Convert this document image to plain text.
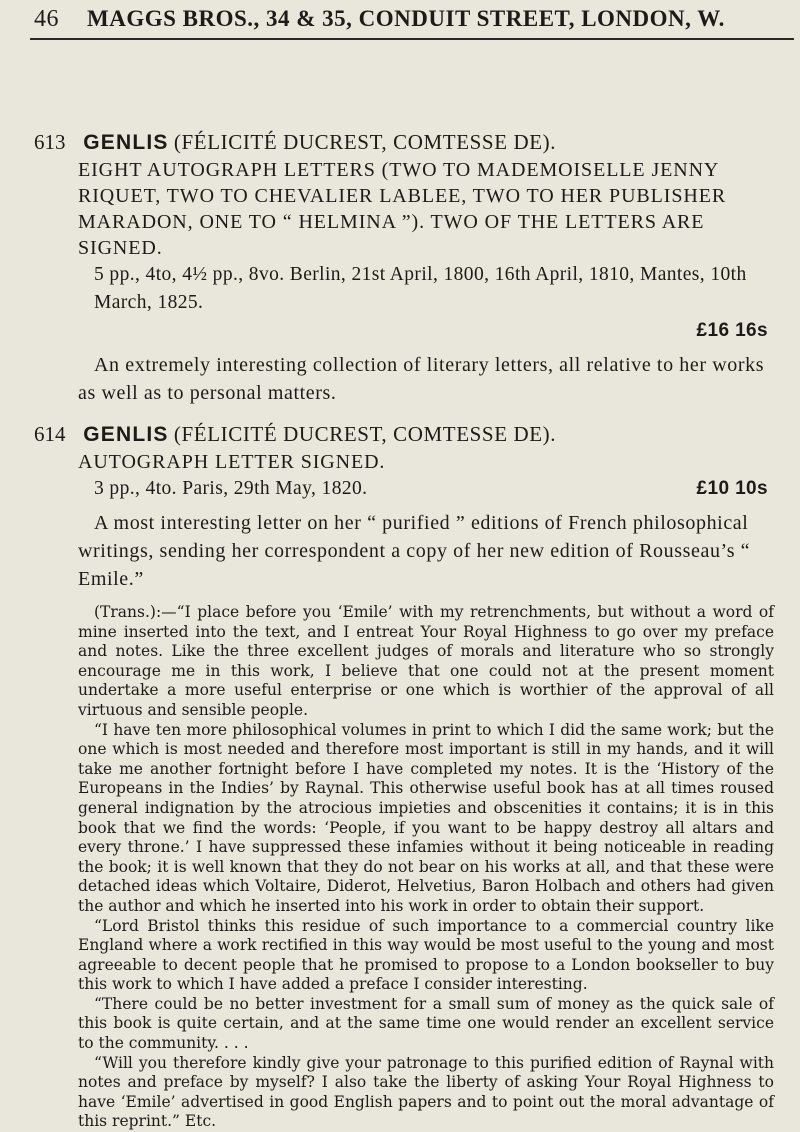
46 MAGGS BROS., 34 & 35, CONDUIT STREET, LONDON, W.
613 GENLIS (FÉLICITÉ DUCREST, COMTESSE DE).
EIGHT AUTOGRAPH LETTERS (TWO TO MADEMOISELLE JENNY RIQUET, TWO TO CHEVALIER LABLEE, TWO TO HER PUBLISHER MARADON, ONE TO “ HELMINA ”). TWO OF THE LETTERS ARE SIGNED.
5 pp., 4to, 4½ pp., 8vo. Berlin, 21st April, 1800, 16th April, 1810, Mantes, 10th March, 1825.
£16 16s
An extremely interesting collection of literary letters, all relative to her works as well as to personal matters.
614 GENLIS (FÉLICITÉ DUCREST, COMTESSE DE).
AUTOGRAPH LETTER SIGNED.
3 pp., 4to. Paris, 29th May, 1820.	£10 10s
A most interesting letter on her “ purified ” editions of French philosophical writings, sending her correspondent a copy of her new edition of Rousseau’s “ Emile.”

(Trans.):—“I place before you ‘Emile’ with my retrenchments, but without a word of mine inserted into the text, and I entreat Your Royal Highness to go over my preface and notes. Like the three excellent judges of morals and literature who so strongly encourage me in this work, I believe that one could not at the present moment undertake a more useful enterprise or one which is worthier of the approval of all virtuous and sensible people.

“I have ten more philosophical volumes in print to which I did the same work; but the one which is most needed and therefore most important is still in my hands, and it will take me another fortnight before I have completed my notes. It is the ‘History of the Europeans in the Indies’ by Raynal. This otherwise useful book has at all times roused general indignation by the atrocious impieties and obscenities it contains; it is in this book that we find the words: ‘People, if you want to be happy destroy all altars and every throne.’ I have suppressed these infamies without it being noticeable in reading the book; it is well known that they do not bear on his works at all, and that these were detached ideas which Voltaire, Diderot, Helvetius, Baron Holbach and others had given the author and which he inserted into his work in order to obtain their support.

“Lord Bristol thinks this residue of such importance to a commercial country like England where a work rectified in this way would be most useful to the young and most agreeable to decent people that he promised to propose to a London bookseller to buy this work to which I have added a preface I consider interesting.

“There could be no better investment for a small sum of money as the quick sale of this book is quite certain, and at the same time one would render an excellent service to the community. . . .

“Will you therefore kindly give your patronage to this purified edition of Raynal with notes and preface by myself? I also take the liberty of asking Your Royal Highness to have ‘Emile’ advertised in good English papers and to point out the moral advantage of this reprint.” Etc.
